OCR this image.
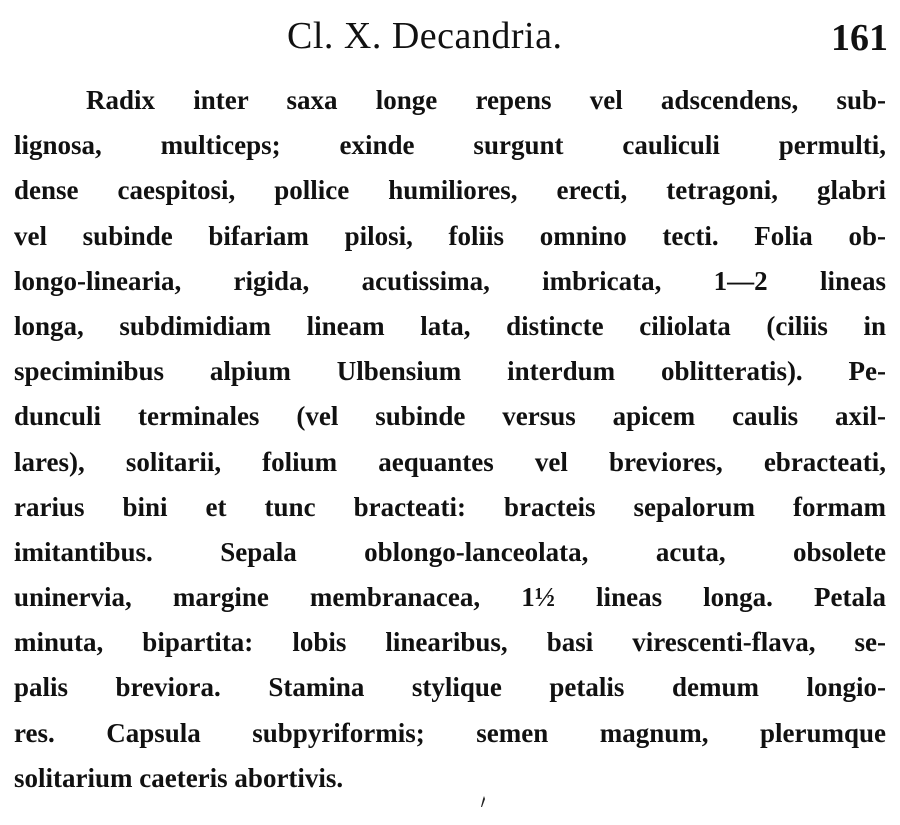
Cl. X. Decandria.	161
Radix inter saxa longe repens vel adscendens, sub-
lignosa, multiceps; exinde surgunt cauliculi permulti,
dense caespitosi, pollice humiliores, erecti, tetragoni, glabri
vel subinde bifariam pilosi, foliis omnino tecti. Folia ob-
longo-linearia, rigida, acutissima, imbricata, 1—2 lineas
longa, subdimidiam lineam lata, distincte ciliolata (ciliis in
speciminibus alpium Ulbensium interdum oblitteratis). Pe-
dunculi terminales (vel subinde versus apicem caulis axil-
lares), solitarii, folium aequantes vel breviores, ebracteati,
rarius bini et tunc bracteati: bracteis sepalorum formam
imitantibus. Sepala oblongo-lanceolata, acuta, obsolete
uninervia, margine membranacea, 1½ lineas longa. Petala
minuta, bipartita: lobis linearibus, basi virescenti-flava, se-
palis breviora. Stamina stylique petalis demum longio-
res. Capsula subpyriformis; semen magnum, plerumque
solitarium caeteris abortivis.
